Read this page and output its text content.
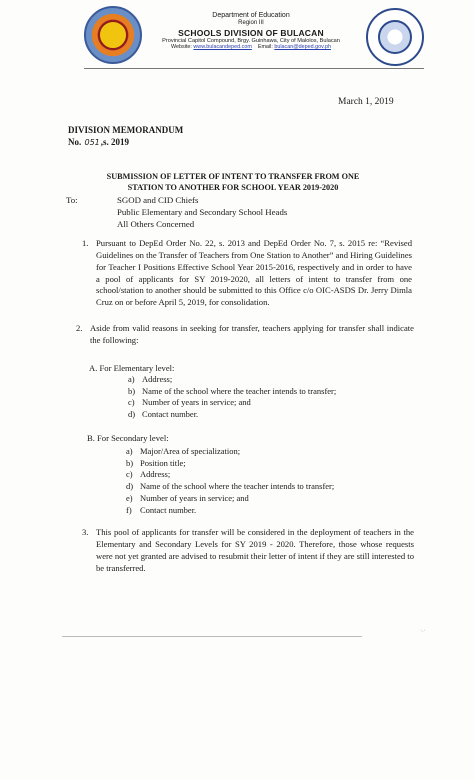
Department of Education
Region III
SCHOOLS DIVISION OF BULACAN
Provincial Capitol Compound, Brgy. Guinhawa, City of Malolos, Bulacan
Website: www.bulacandeped.com Email: bulacan@deped.gov.ph
March 1, 2019
DIVISION MEMORANDUM
No. 051,s. 2019
SUBMISSION OF LETTER OF INTENT TO TRANSFER FROM ONE STATION TO ANOTHER FOR SCHOOL YEAR 2019-2020
To:	SGOD and CID Chiefs
Public Elementary and Secondary School Heads
All Others Concerned
1. Pursuant to DepEd Order No. 22, s. 2013 and DepEd Order No. 7, s. 2015 re: “Revised Guidelines on the Transfer of Teachers from One Station to Another” and Hiring Guidelines for Teacher I Positions Effective School Year 2015-2016, respectively and in order to have a pool of applicants for SY 2019-2020, all letters of intent to transfer from one school/station to another should be submitted to this Office c/o OIC-ASDS Dr. Jerry Dimla Cruz on or before April 5, 2019, for consolidation.
2. Aside from valid reasons in seeking for transfer, teachers applying for transfer shall indicate the following:
A. For Elementary level:
a) Address;
b) Name of the school where the teacher intends to transfer;
c) Number of years in service; and
d) Contact number.
B. For Secondary level:
a) Major/Area of specialization;
b) Position title;
c) Address;
d) Name of the school where the teacher intends to transfer;
e) Number of years in service; and
f) Contact number.
3. This pool of applicants for transfer will be considered in the deployment of teachers in the Elementary and Secondary Levels for SY 2019 - 2020. Therefore, those whose requests were not yet granted are advised to resubmit their letter of intent if they are still interested to be transferred.
·.·
